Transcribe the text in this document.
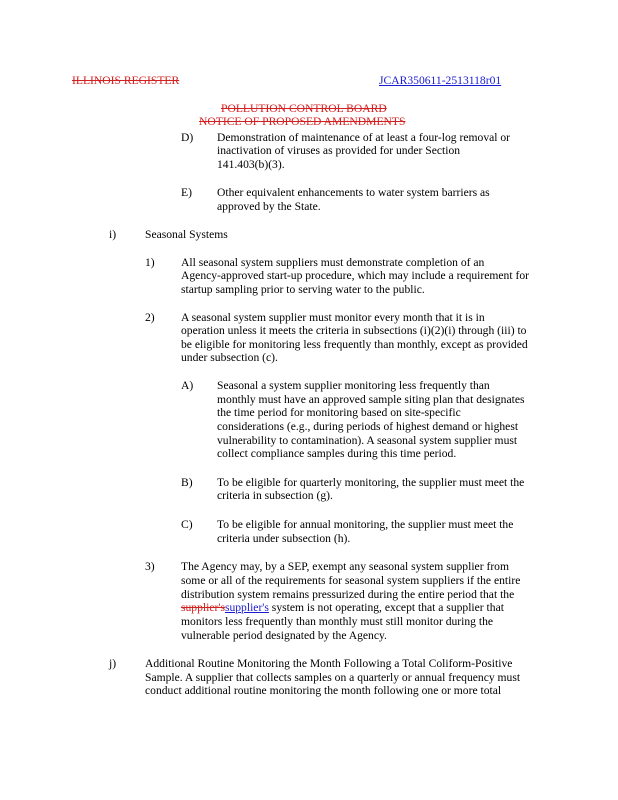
ILLINOIS REGISTER	JCAR350611-2513118r01
POLLUTION CONTROL BOARD
NOTICE OF PROPOSED AMENDMENTS
D) Demonstration of maintenance of at least a four-log removal or
inactivation of viruses as provided for under Section
141.403(b)(3).
E) Other equivalent enhancements to water system barriers as
approved by the State.
i) Seasonal Systems
1) All seasonal system suppliers must demonstrate completion of an
Agency-approved start-up procedure, which may include a requirement for
startup sampling prior to serving water to the public.
2) A seasonal system supplier must monitor every month that it is in
operation unless it meets the criteria in subsections (i)(2)(i) through (iii) to
be eligible for monitoring less frequently than monthly, except as provided
under subsection (c).
A) Seasonal a system supplier monitoring less frequently than
monthly must have an approved sample siting plan that designates
the time period for monitoring based on site-specific
considerations (e.g., during periods of highest demand or highest
vulnerability to contamination). A seasonal system supplier must
collect compliance samples during this time period.
B) To be eligible for quarterly monitoring, the supplier must meet the
criteria in subsection (g).
C) To be eligible for annual monitoring, the supplier must meet the
criteria under subsection (h).
3) The Agency may, by a SEP, exempt any seasonal system supplier from
some or all of the requirements for seasonal system suppliers if the entire
distribution system remains pressurized during the entire period that the
supplier'ssupplier's system is not operating, except that a supplier that
monitors less frequently than monthly must still monitor during the
vulnerable period designated by the Agency.
j) Additional Routine Monitoring the Month Following a Total Coliform-Positive
Sample. A supplier that collects samples on a quarterly or annual frequency must
conduct additional routine monitoring the month following one or more total
